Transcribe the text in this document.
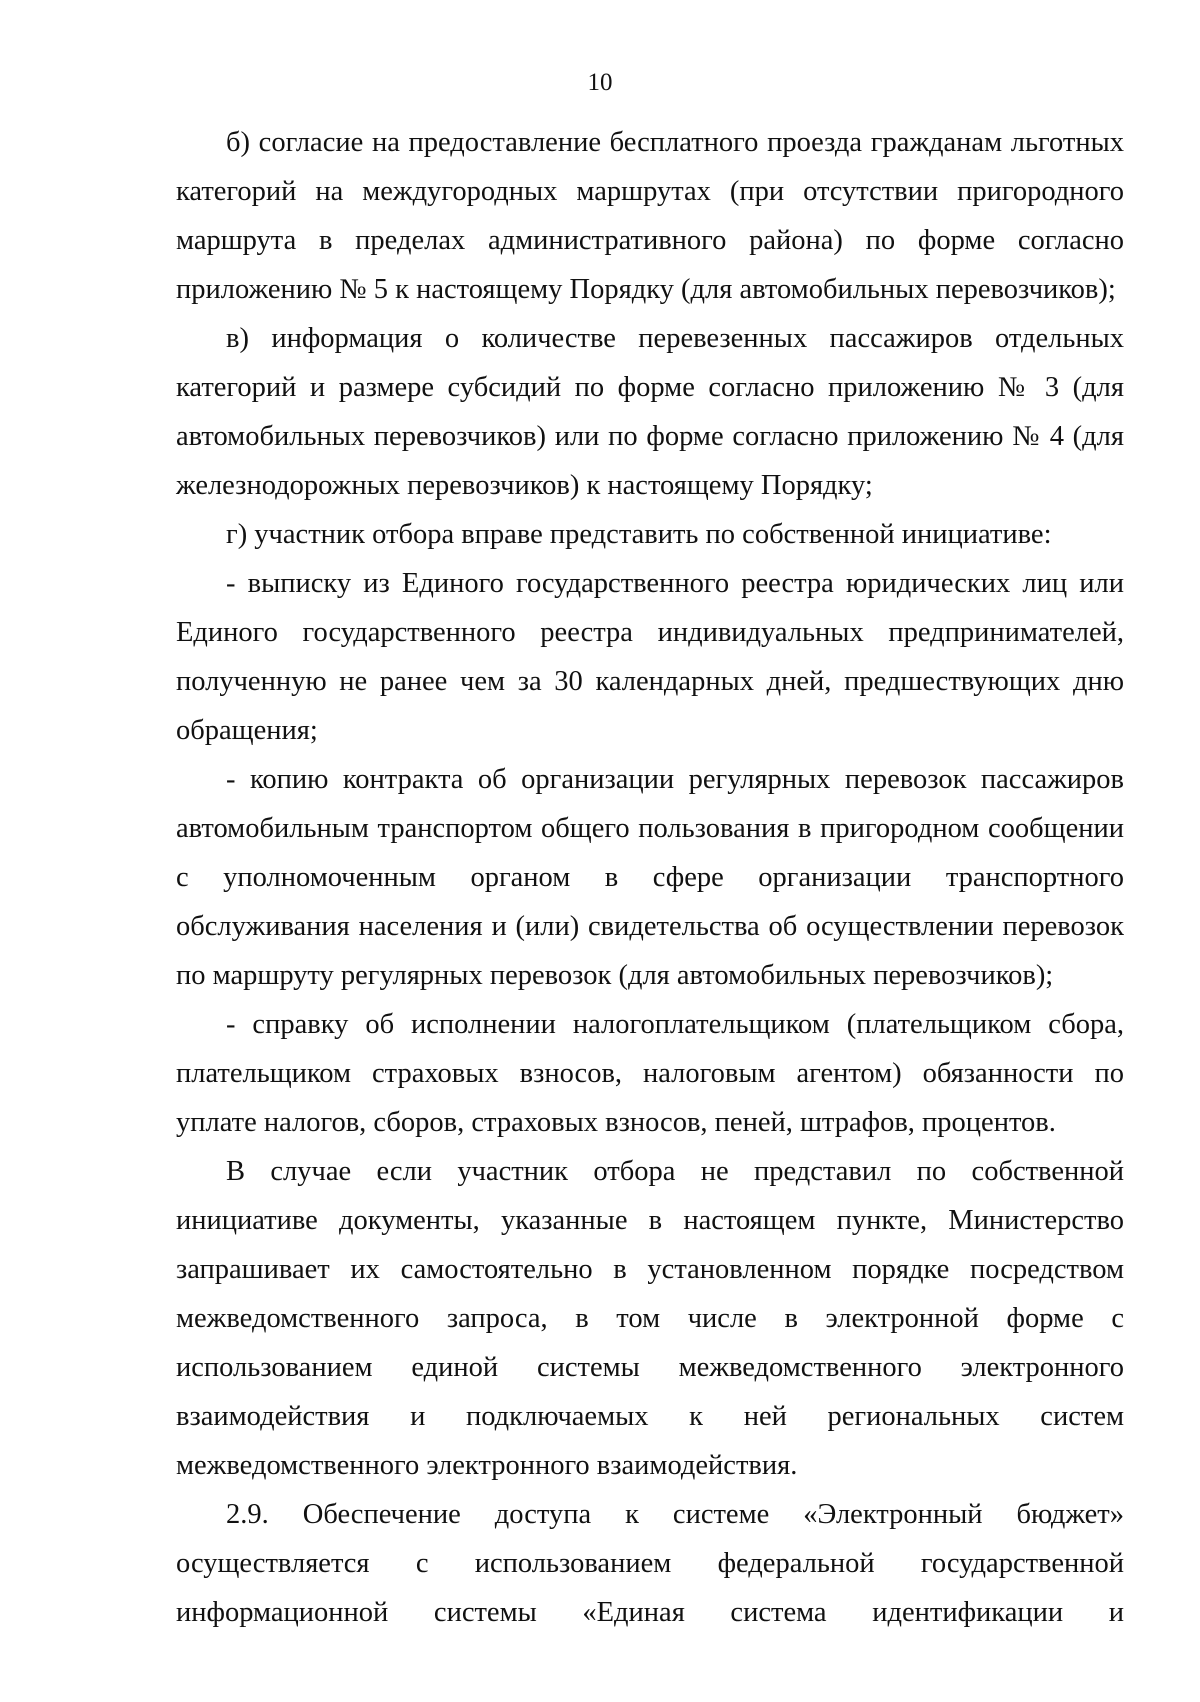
10

б) согласие на предоставление бесплатного проезда гражданам льготных категорий на междугородных маршрутах (при отсутствии пригородного маршрута в пределах административного района) по форме согласно приложению № 5 к настоящему Порядку (для автомобильных перевозчиков);

в) информация о количестве перевезенных пассажиров отдельных категорий и размере субсидий по форме согласно приложению № 3 (для автомобильных перевозчиков) или по форме согласно приложению № 4 (для железнодорожных перевозчиков) к настоящему Порядку;

г) участник отбора вправе представить по собственной инициативе:

- выписку из Единого государственного реестра юридических лиц или Единого государственного реестра индивидуальных предпринимателей, полученную не ранее чем за 30 календарных дней, предшествующих дню обращения;

- копию контракта об организации регулярных перевозок пассажиров автомобильным транспортом общего пользования в пригородном сообщении с уполномоченным органом в сфере организации транспортного обслуживания населения и (или) свидетельства об осуществлении перевозок по маршруту регулярных перевозок (для автомобильных перевозчиков);

- справку об исполнении налогоплательщиком (плательщиком сбора, плательщиком страховых взносов, налоговым агентом) обязанности по уплате налогов, сборов, страховых взносов, пеней, штрафов, процентов.

В случае если участник отбора не представил по собственной инициативе документы, указанные в настоящем пункте, Министерство запрашивает их самостоятельно в установленном порядке посредством межведомственного запроса, в том числе в электронной форме с использованием единой системы межведомственного электронного взаимодействия и подключаемых к ней региональных систем межведомственного электронного взаимодействия.

2.9. Обеспечение доступа к системе «Электронный бюджет» осуществляется с использованием федеральной государственной информационной системы «Единая система идентификации и
